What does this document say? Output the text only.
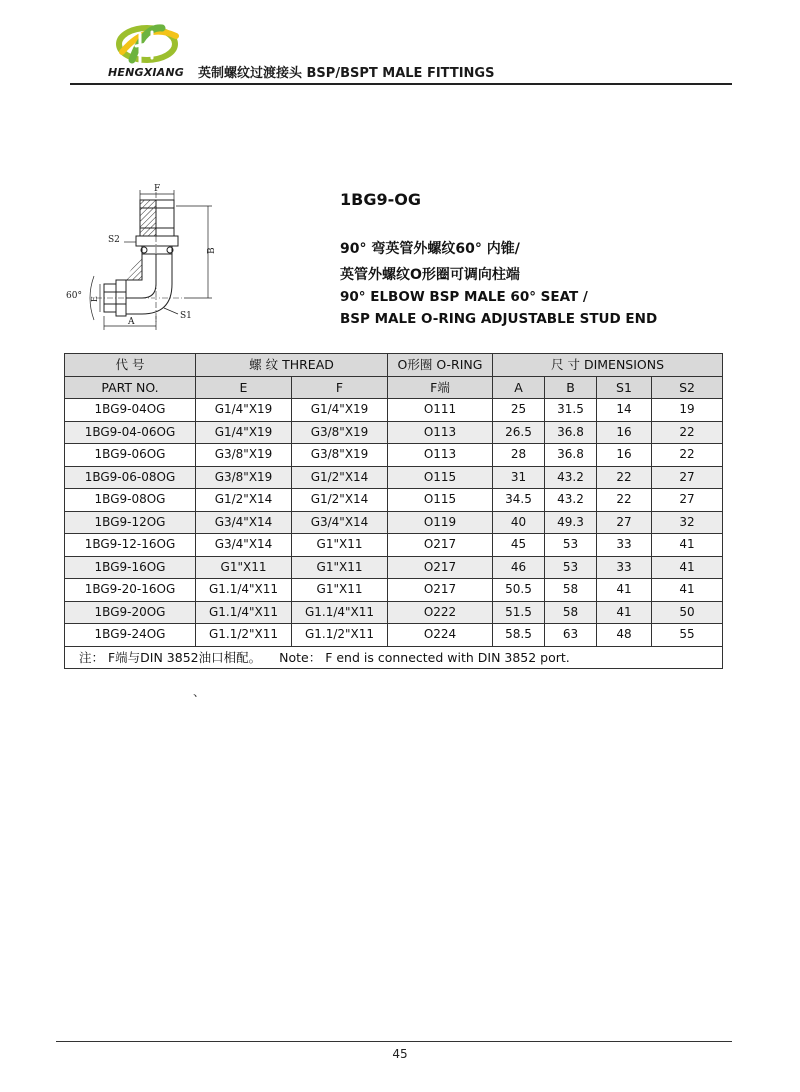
HENGXIANG	英制螺纹过渡接头 BSP/BSPT MALE FITTINGS
F
B
S2
E
60°
A
S1
1BG9-OG
90° 弯英管外螺纹60° 内锥/
英管外螺纹O形圈可调向柱端
90° ELBOW BSP MALE 60° SEAT /
BSP MALE O-RING ADJUSTABLE STUD END
代 号	螺 纹 THREAD		O形圈 O-RING	尺 寸 DIMENSIONS			
PART NO.	E	F	F端	A	B	S1	S2
1BG9-04OG	G1/4"X19	G1/4"X19	O111	25	31.5	14	19
1BG9-04-06OG	G1/4"X19	G3/8"X19	O113	26.5	36.8	16	22
1BG9-06OG	G3/8"X19	G3/8"X19	O113	28	36.8	16	22
1BG9-06-08OG	G3/8"X19	G1/2"X14	O115	31	43.2	22	27
1BG9-08OG	G1/2"X14	G1/2"X14	O115	34.5	43.2	22	27
1BG9-12OG	G3/4"X14	G3/4"X14	O119	40	49.3	27	32
1BG9-12-16OG	G3/4"X14	G1"X11	O217	45	53	33	41
1BG9-16OG	G1"X11	G1"X11	O217	46	53	33	41
1BG9-20-16OG	G1.1/4"X11	G1"X11	O217	50.5	58	41	41
1BG9-20OG	G1.1/4"X11	G1.1/4"X11	O222	51.5	58	41	50
1BG9-24OG	G1.1/2"X11	G1.1/2"X11	O224	58.5	63	48	55
注： F端与DIN 3852油口相配。 Note： F end is connected with DIN 3852 port.							
、
45
